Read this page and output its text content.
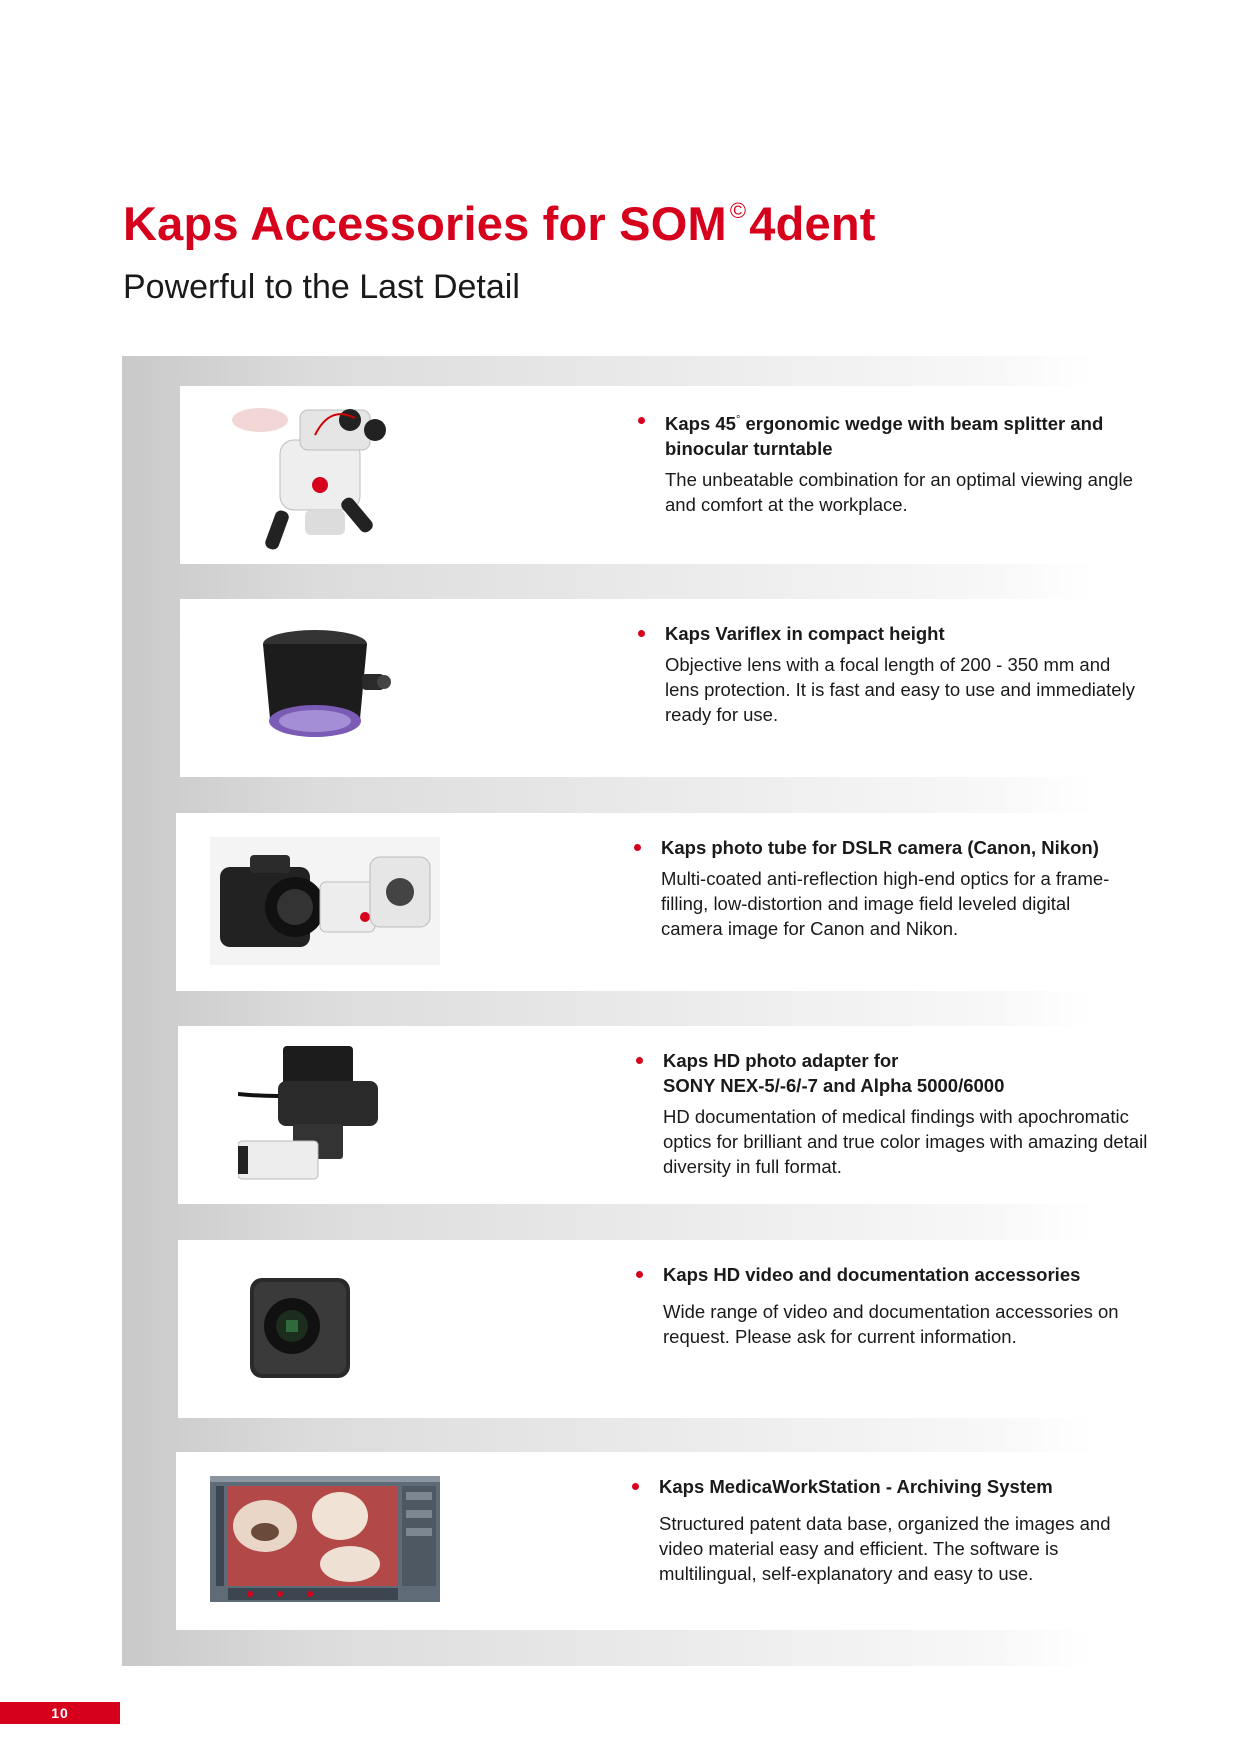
Kaps Accessories for SOM ©4dent
Powerful to the Last Detail

Kaps 45° ergonomic wedge with beam splitter and binocular turntable

The unbeatable combination for an optimal viewing angle and comfort at the workplace.

Kaps Variflex in compact height

Objective lens with a focal length of 200 - 350 mm and lens protection. It is fast and easy to use and immediately ready for use.

Kaps photo tube for DSLR camera (Canon, Nikon)

Multi-coated anti-reflection high-end optics for a frame-filling, low-distortion and image field leveled digital camera image for Canon and Nikon.

Kaps HD photo adapter for
SONY NEX-5/-6/-7 and Alpha 5000/6000

HD documentation of medical findings with apochromatic optics for brilliant and true color images with amazing detail diversity in full format.

Kaps HD video and documentation accessories

Wide range of video and documentation accessories on request. Please ask for current information.

Kaps MedicaWorkStation - Archiving System

Structured patent data base, organized the images and video material easy and efficient. The software is multilingual, self-explanatory and easy to use.

10
